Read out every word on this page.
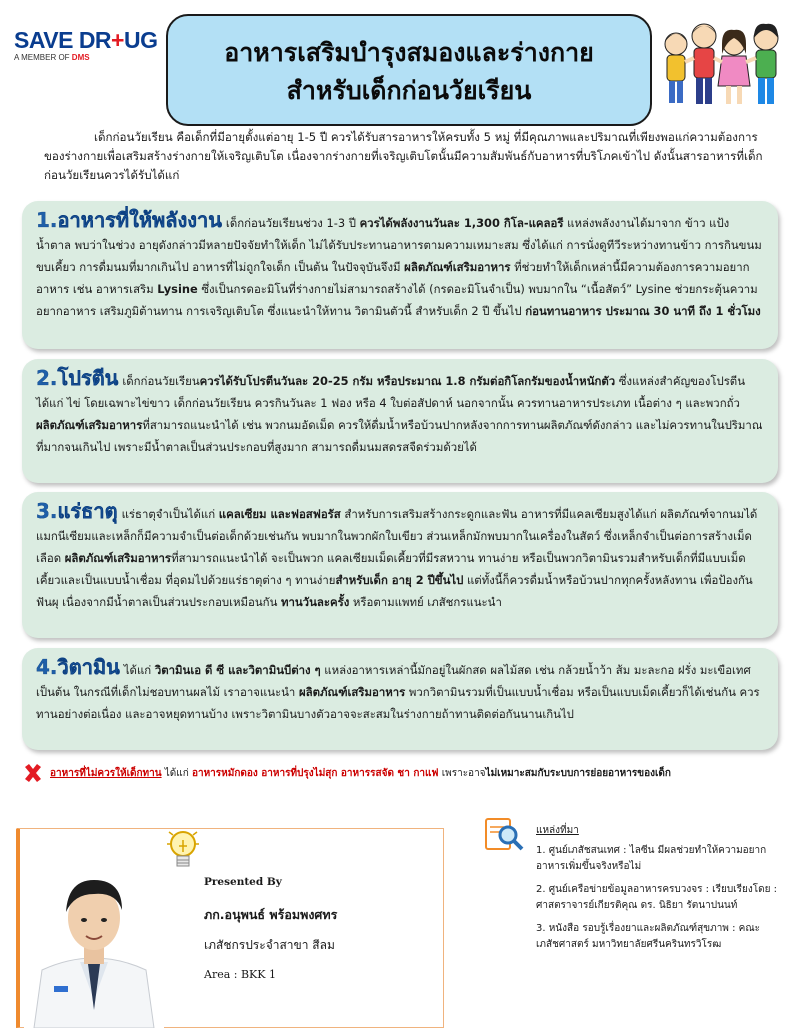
SAVE DR+UG
A MEMBER OF DMS	อาหารเสริมบำรุงสมองและร่างกาย
สำหรับเด็กก่อนวัยเรียน

เด็กก่อนวัยเรียน คือเด็กที่มีอายุตั้งแต่อายุ 1-5 ปี ควรได้รับสารอาหารให้ครบทั้ง 5 หมู่ ที่มีคุณภาพและปริมาณที่เพียงพอแก่ความต้องการของร่างกายเพื่อเสริมสร้างร่างกายให้เจริญเติบโต เนื่องจากร่างกายที่เจริญเติบโตนั้นมีความสัมพันธ์กับอาหารที่บริโภคเข้าไป ดังนั้นสารอาหารที่เด็กก่อนวัยเรียนควรได้รับได้แก่

1.อาหารที่ให้พลังงาน เด็กก่อนวัยเรียนช่วง 1-3 ปี ควรได้พลังงานวันละ 1,300 กิโล-แคลอรี แหล่งพลังงานได้มาจาก ข้าว แป้ง น้ำตาล พบว่าในช่วง อายุดังกล่าวมีหลายปัจจัยทำให้เด็ก ไม่ได้รับประทานอาหารตามความเหมาะสม ซึ่งได้แก่ การนั่งดูทีวีระหว่างทานข้าว การกินขนมขบเคี้ยว การดื่มนมที่มากเกินไป อาหารที่ไม่ถูกใจเด็ก เป็นต้น ในปัจจุบันจึงมี ผลิตภัณฑ์เสริมอาหาร ที่ช่วยทำให้เด็กเหล่านี้มีความต้องการความอยากอาหาร เช่น อาหารเสริม Lysine ซึ่งเป็นกรดอะมิโนที่ร่างกายไม่สามารถสร้างได้ (กรดอะมิโนจำเป็น) พบมากใน “เนื้อสัตว์” Lysine ช่วยกระตุ้นความอยากอาหาร เสริมภูมิต้านทาน การเจริญเติบโต ซึ่งแนะนำให้ทาน วิตามินตัวนี้ สำหรับเด็ก 2 ปี ขึ้นไป ก่อนทานอาหาร ประมาณ 30 นาที ถึง 1 ชั่วโมง
2.โปรตีน เด็กก่อนวัยเรียนควรได้รับโปรตีนวันละ 20-25 กรัม หรือประมาณ 1.8 กรัมต่อกิโลกรัมของน้ำหนักตัว ซึ่งแหล่งสำคัญของโปรตีน ได้แก่ ไข่ โดยเฉพาะไข่ขาว เด็กก่อนวัยเรียน ควรกินวันละ 1 ฟอง หรือ 4 ใบต่อสัปดาห์ นอกจากนั้น ควรทานอาหารประเภท เนื้อต่าง ๆ และพวกถั่ว ผลิตภัณฑ์เสริมอาหารที่สามารถแนะนำได้ เช่น พวกนมอัดเม็ด ควรให้ดื่มน้ำหรือบ้วนปากหลังจากการทานผลิตภัณฑ์ดังกล่าว และไม่ควรทานในปริมาณที่มากจนเกินไป เพราะมีน้ำตาลเป็นส่วนประกอบที่สูงมาก สามารถดื่มนมสดรสจืดร่วมด้วยได้
3.แร่ธาตุ แร่ธาตุจำเป็นได้แก่ แคลเซียม และฟอสฟอรัส สำหรับการเสริมสร้างกระดูกและฟัน อาหารที่มีแคลเซียมสูงได้แก่ ผลิตภัณฑ์จากนมได้ แมกนีเซียมและเหล็กก็มีความจำเป็นต่อเด็กด้วยเช่นกัน พบมากในพวกผักใบเขียว ส่วนเหล็กมักพบมากในเครื่องในสัตว์ ซึ่งเหล็กจำเป็นต่อการสร้างเม็ดเลือด ผลิตภัณฑ์เสริมอาหารที่สามารถแนะนำได้ จะเป็นพวก แคลเซียมเม็ดเคี้ยวที่มีรสหวาน ทานง่าย หรือเป็นพวกวิตามินรวมสำหรับเด็กที่มีแบบเม็ดเคี้ยวและเป็นแบบน้ำเชื่อม ที่อุดมไปด้วยแร่ธาตุต่าง ๆ ทานง่ายสำหรับเด็ก อายุ 2 ปีขึ้นไป แต่ทั้งนี้ก็ควรดื่มน้ำหรือบ้วนปากทุกครั้งหลังทาน เพื่อป้องกันฟันผุ เนื่องจากมีน้ำตาลเป็นส่วนประกอบเหมือนกัน ทานวันละครั้ง หรือตามแพทย์ เภสัชกรแนะนำ
4.วิตามิน ได้แก่ วิตามินเอ ดี ซี และวิตามินบีต่าง ๆ แหล่งอาหารเหล่านี้มักอยู่ในผักสด ผลไม้สด เช่น กล้วยน้ำว้า ส้ม มะละกอ ฝรั่ง มะเขือเทศ เป็นต้น ในกรณีที่เด็กไม่ชอบทานผลไม้ เราอาจแนะนำ ผลิตภัณฑ์เสริมอาหาร พวกวิตามินรวมที่เป็นแบบน้ำเชื่อม หรือเป็นแบบเม็ดเคี้ยวก็ได้เช่นกัน ควรทานอย่างต่อเนื่อง และอาจหยุดทานบ้าง เพราะวิตามินบางตัวอาจจะสะสมในร่างกายถ้าทานติดต่อกันนานเกินไป
อาหารที่ไม่ควรให้เด็กทาน ได้แก่ อาหารหมักดอง อาหารที่ปรุงไม่สุก อาหารรสจัด ชา กาแฟ เพราะอาจไม่เหมาะสมกับระบบการย่อยอาหารของเด็ก
Presented By
ภก.อนุพนธ์ พร้อมพงศทร
เภสัชกรประจำสาขา สีลม
Area : BKK 1
แหล่งที่มา
1. ศูนย์เภสัชสนเทศ : ไลซีน มีผลช่วยทำให้ความอยากอาหารเพิ่มขึ้นจริงหรือไม่
2. ศูนย์เครือข่ายข้อมูลอาหารครบวงจร : เรียบเรียงโดย : ศาสตราจารย์เกียรติคุณ ดร. นิธิยา รัตนาปนนท์
3. หนังสือ รอบรู้เรื่องยาและผลิตภัณฑ์สุขภาพ : คณะเภสัชศาสตร์ มหาวิทยาลัยศรีนครินทรวิโรฒ
